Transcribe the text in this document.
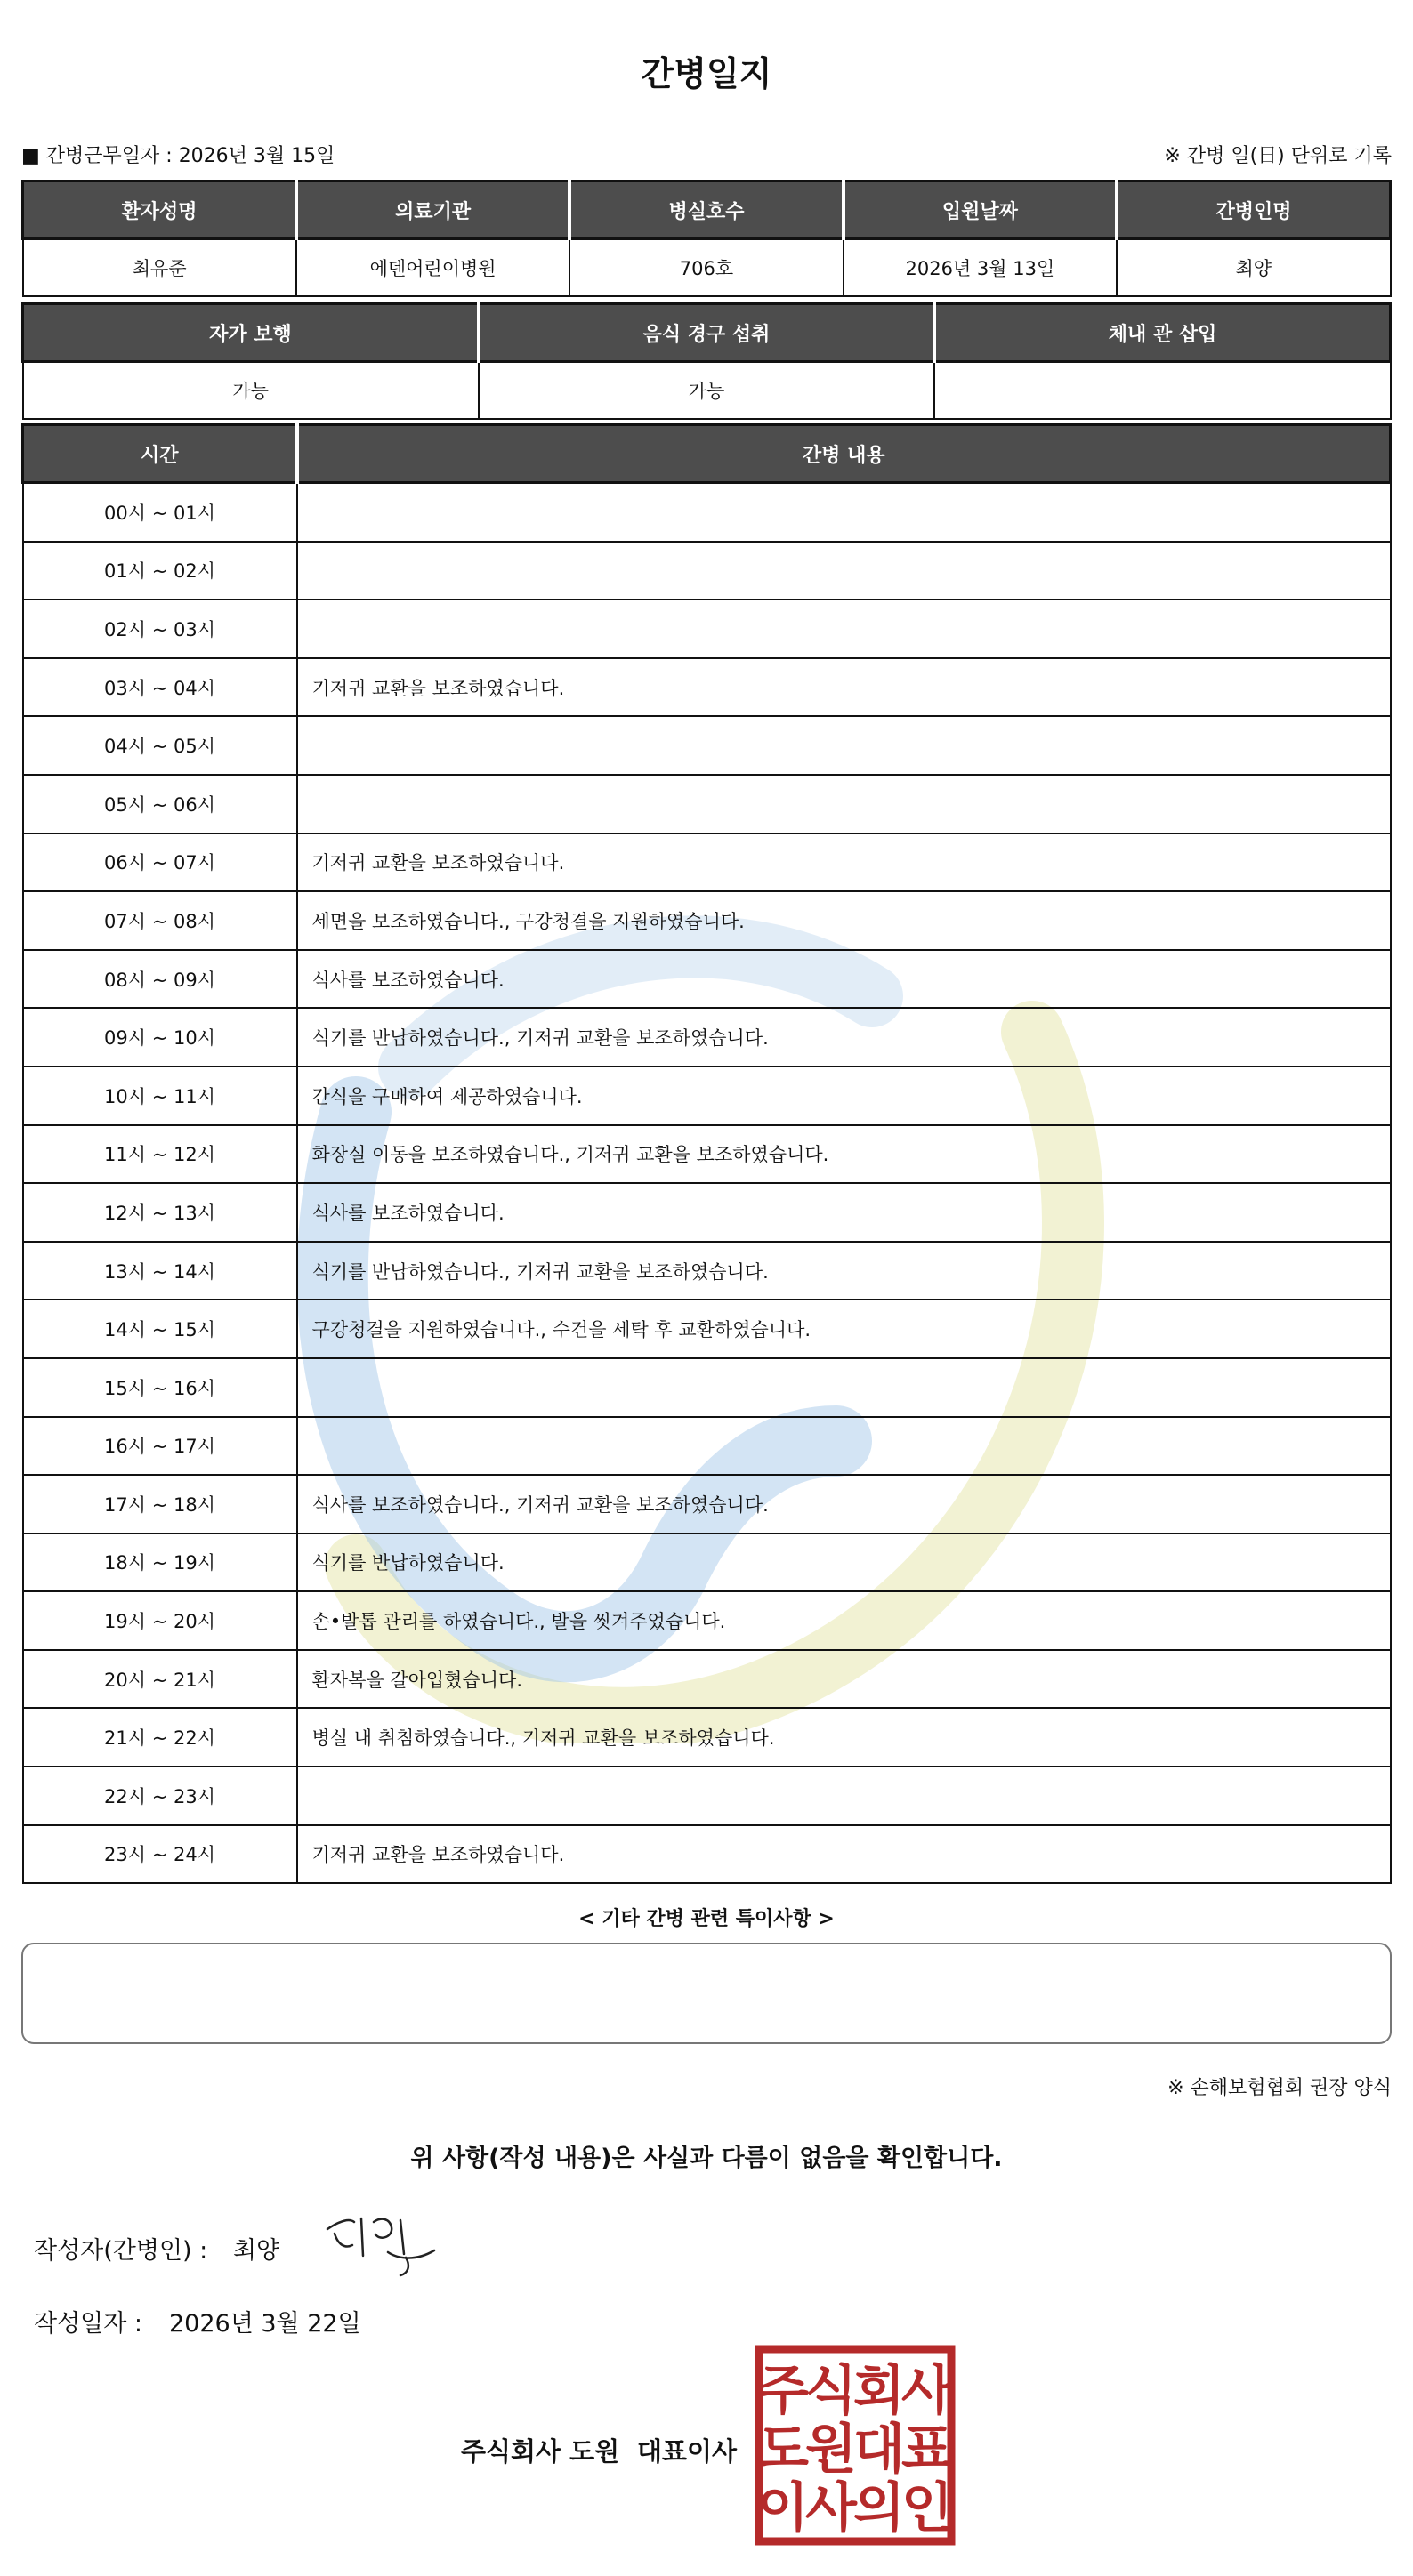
간병일지
■ 간병근무일자 : 2026년 3월 15일	※ 간병 일(日) 단위로 기록
환자성명	의료기관	병실호수	입원날짜	간병인명
최유준	에덴어린이병원	706호	2026년 3월 13일	최양
자가 보행	음식 경구 섭취	체내 관 삽입
가능	가능	
시간	간병 내용
00시 ~ 01시	
01시 ~ 02시	
02시 ~ 03시	
03시 ~ 04시	기저귀 교환을 보조하였습니다.
04시 ~ 05시	
05시 ~ 06시	
06시 ~ 07시	기저귀 교환을 보조하였습니다.
07시 ~ 08시	세면을 보조하였습니다., 구강청결을 지원하였습니다.
08시 ~ 09시	식사를 보조하였습니다.
09시 ~ 10시	식기를 반납하였습니다., 기저귀 교환을 보조하였습니다.
10시 ~ 11시	간식을 구매하여 제공하였습니다.
11시 ~ 12시	화장실 이동을 보조하였습니다., 기저귀 교환을 보조하였습니다.
12시 ~ 13시	식사를 보조하였습니다.
13시 ~ 14시	식기를 반납하였습니다., 기저귀 교환을 보조하였습니다.
14시 ~ 15시	구강청결을 지원하였습니다., 수건을 세탁 후 교환하였습니다.
15시 ~ 16시	
16시 ~ 17시	
17시 ~ 18시	식사를 보조하였습니다., 기저귀 교환을 보조하였습니다.
18시 ~ 19시	식기를 반납하였습니다.
19시 ~ 20시	손•발톱 관리를 하였습니다., 발을 씻겨주었습니다.
20시 ~ 21시	환자복을 갈아입혔습니다.
21시 ~ 22시	병실 내 취침하였습니다., 기저귀 교환을 보조하였습니다.
22시 ~ 23시	
23시 ~ 24시	기저귀 교환을 보조하였습니다.
< 기타 간병 관련 특이사항 >
※ 손해보험협회 권장 양식
위 사항(작성 내용)은 사실과 다름이 없음을 확인합니다.
작성자(간병인) : 최양
작성일자 : 2026년 3월 22일
주식회사 도원 대표이사
주
식
회
사
도
원
대
표
이
사
의
인
